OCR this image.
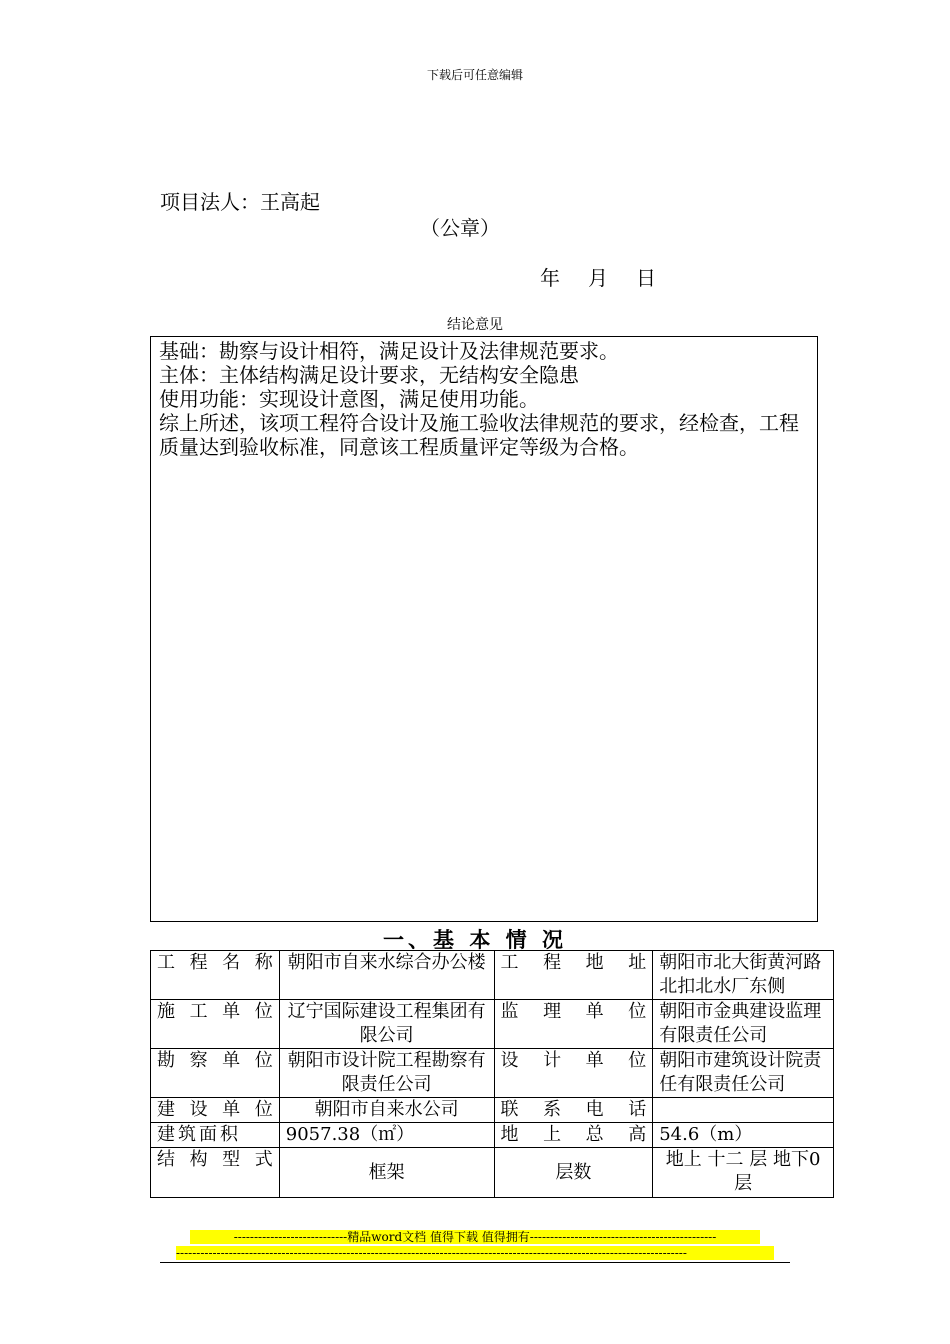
下载后可任意编辑
项目法人：王高起
（公章）
年 月 日
结论意见

基础：勘察与设计相符，满足设计及法律规范要求。

主体：主体结构满足设计要求，无结构安全隐患

使用功能：实现设计意图，满足使用功能。

综上所述，该项工程符合设计及施工验收法律规范的要求，经检查，工程质量达到验收标准，同意该工程质量评定等级为合格。

一、基 本 情 况
工程名称	朝阳市自来水综合办公楼	工程地址	朝阳市北大街黄河路北扣北水厂东侧
施工单位	辽宁国际建设工程集团有限公司	监理单位	朝阳市金典建设监理有限责任公司
勘察单位	朝阳市设计院工程勘察有限责任公司	设计单位	朝阳市建筑设计院责任有限责任公司
建设单位	朝阳市自来水公司	联系电话	
建筑面积	9057.38（㎡）	地上总高	54.6（m）
结构型式	框架	层数	地上 十二 层 地下0层
----------------------------精品word文档 值得下载 值得拥有----------------------------------------------
------------------------------------------------------------------------------------------------------------------------------
